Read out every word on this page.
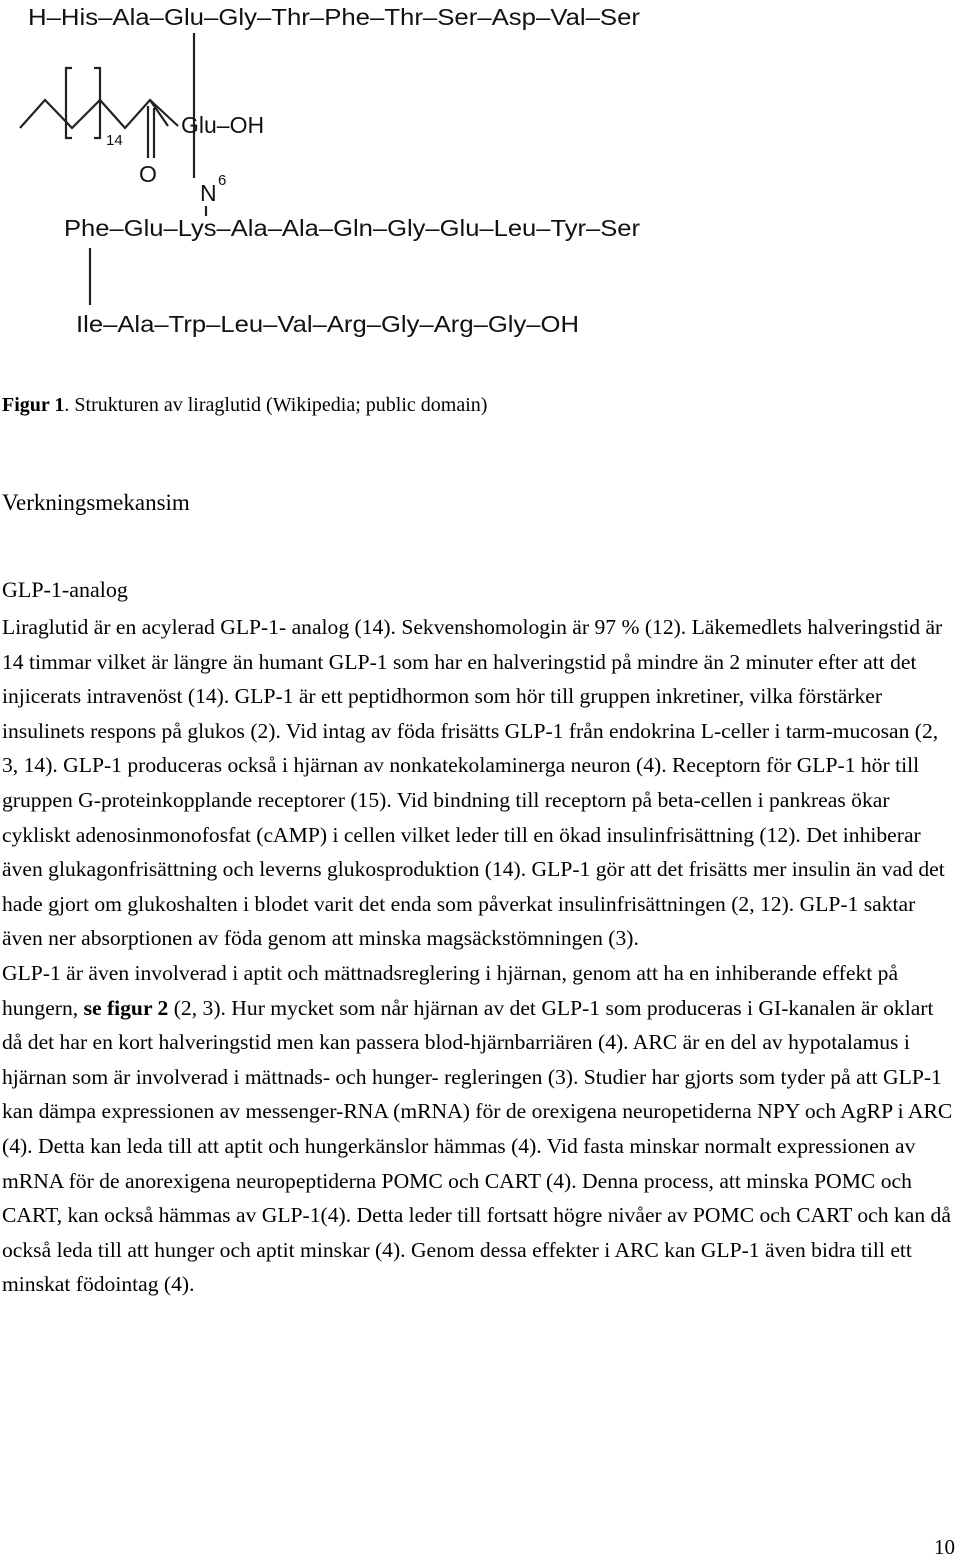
H–His–Ala–Glu–Gly–Thr–Phe–Thr–Ser–Asp–Val–Ser
14
O
Glu–OH
N 6
Phe–Glu–Lys–Ala–Ala–Gln–Gly–Glu–Leu–Tyr–Ser
Ile–Ala–Trp–Leu–Val–Arg–Gly–Arg–Gly–OH
Figur 1. Strukturen av liraglutid (Wikipedia; public domain)
Verkningsmekansim
GLP-1-analog

Liraglutid är en acylerad GLP-1- analog (14). Sekvenshomologin är 97 % (12). Läkemedlets halveringstid är 14 timmar vilket är längre än humant GLP-1 som har en halveringstid på mindre än 2 minuter efter att det injicerats intravenöst (14). GLP-1 är ett peptidhormon som hör till gruppen inkretiner, vilka förstärker insulinets respons på glukos (2). Vid intag av föda frisätts GLP-1 från endokrina L-celler i tarm-mucosan (2, 3, 14). GLP-1 produceras också i hjärnan av nonkatekolaminerga neuron (4). Receptorn för GLP-1 hör till gruppen G-proteinkopplande receptorer (15). Vid bindning till receptorn på beta-cellen i pankreas ökar cykliskt adenosinmonofosfat (cAMP) i cellen vilket leder till en ökad insulinfrisättning (12). Det inhiberar även glukagonfrisättning och leverns glukosproduktion (14). GLP-1 gör att det frisätts mer insulin än vad det hade gjort om glukoshalten i blodet varit det enda som påverkat insulinfrisättningen (2, 12). GLP-1 saktar även ner absorptionen av föda genom att minska magsäckstömningen (3).

GLP-1 är även involverad i aptit och mättnadsreglering i hjärnan, genom att ha en inhiberande effekt på hungern, se figur 2 (2, 3). Hur mycket som når hjärnan av det GLP-1 som produceras i GI-kanalen är oklart då det har en kort halveringstid men kan passera blod-hjärnbarriären (4). ARC är en del av hypotalamus i hjärnan som är involverad i mättnads- och hunger- regleringen (3). Studier har gjorts som tyder på att GLP-1 kan dämpa expressionen av messenger-RNA (mRNA) för de orexigena neuropetiderna NPY och AgRP i ARC (4). Detta kan leda till att aptit och hungerkänslor hämmas (4). Vid fasta minskar normalt expressionen av mRNA för de anorexigena neuropeptiderna POMC och CART (4). Denna process, att minska POMC och CART, kan också hämmas av GLP-1(4). Detta leder till fortsatt högre nivåer av POMC och CART och kan då också leda till att hunger och aptit minskar (4). Genom dessa effekter i ARC kan GLP-1 även bidra till ett minskat födointag (4).

10
